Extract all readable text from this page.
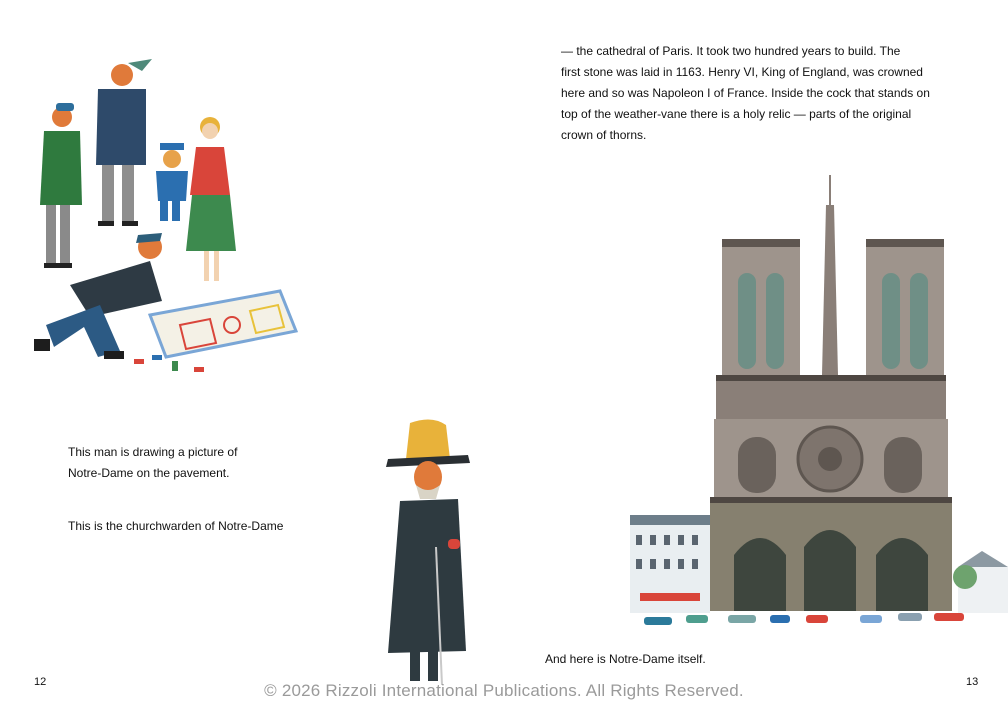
— the cathedral of Paris. It took two hundred years to build. The
first stone was laid in 1163. Henry VI, King of England, was crowned
here and so was Napoleon I of France. Inside the cock that stands on
top of the weather-vane there is a holy relic — parts of the original
crown of thorns.
This man is drawing a picture of
Notre-Dame on the pavement.
This is the churchwarden of Notre-Dame
And here is Notre-Dame itself.
12	13
© 2026 Rizzoli International Publications. All Rights Reserved.
